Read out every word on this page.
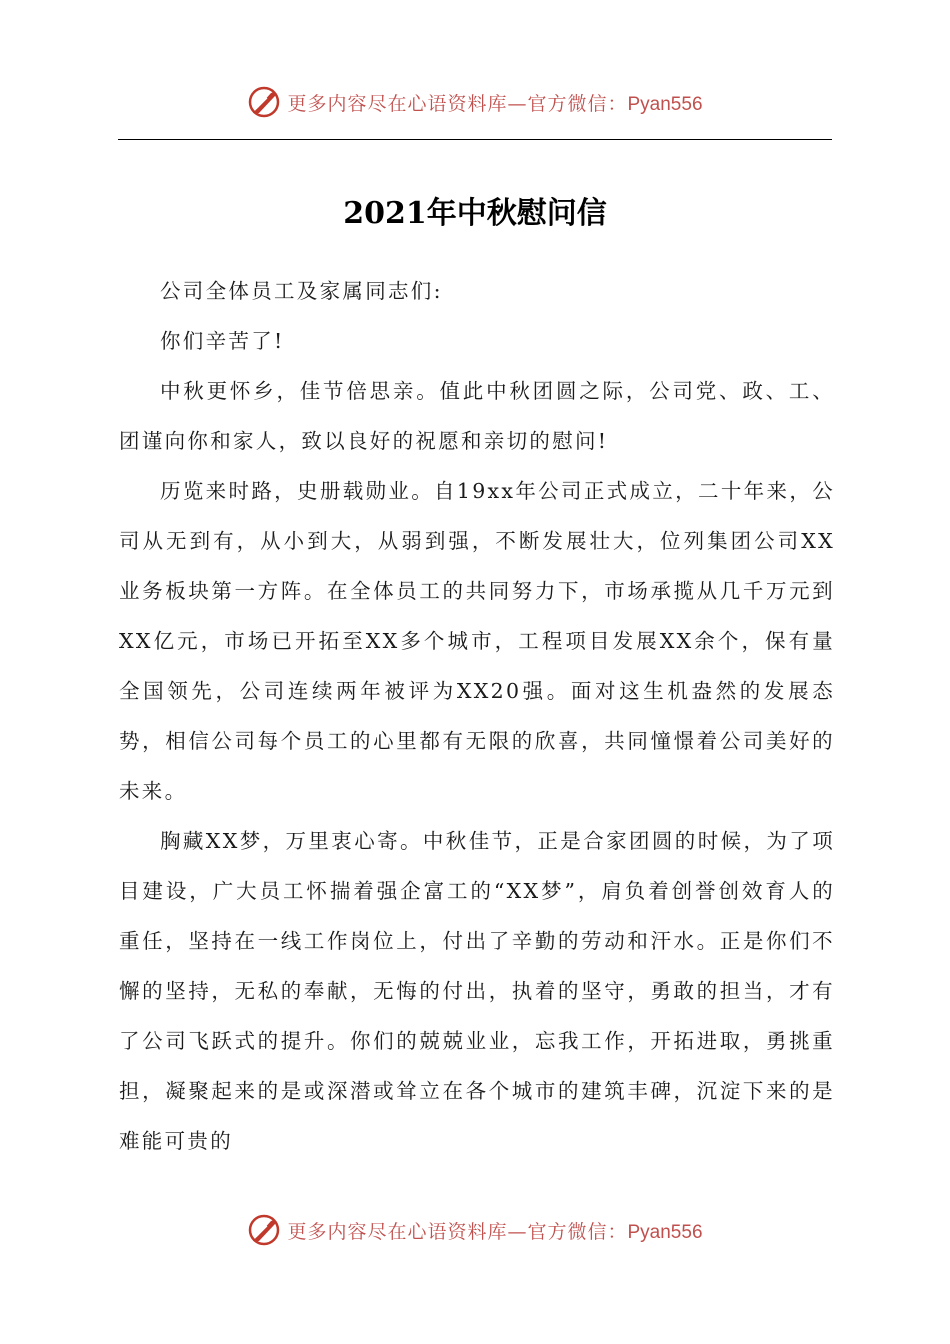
更多内容尽在心语资料库—官方微信：Pyan556
2021年中秋慰问信

公司全体员工及家属同志们:

你们辛苦了!

中秋更怀乡，佳节倍思亲。值此中秋团圆之际，公司党、政、工、团谨向你和家人，致以良好的祝愿和亲切的慰问!

历览来时路，史册载勋业。自19xx年公司正式成立，二十年来，公司从无到有，从小到大，从弱到强，不断发展壮大，位列集团公司XX业务板块第一方阵。在全体员工的共同努力下，市场承揽从几千万元到XX亿元，市场已开拓至XX多个城市，工程项目发展XX余个，保有量全国领先，公司连续两年被评为XX20强。面对这生机盎然的发展态势，相信公司每个员工的心里都有无限的欣喜，共同憧憬着公司美好的未来。

胸藏XX梦，万里衷心寄。中秋佳节，正是合家团圆的时候，为了项目建设，广大员工怀揣着强企富工的“XX梦”，肩负着创誉创效育人的重任，坚持在一线工作岗位上，付出了辛勤的劳动和汗水。正是你们不懈的坚持，无私的奉献，无悔的付出，执着的坚守，勇敢的担当，才有了公司飞跃式的提升。你们的兢兢业业，忘我工作，开拓进取，勇挑重担，凝聚起来的是或深潜或耸立在各个城市的建筑丰碑，沉淀下来的是难能可贵的

更多内容尽在心语资料库—官方微信：Pyan556
